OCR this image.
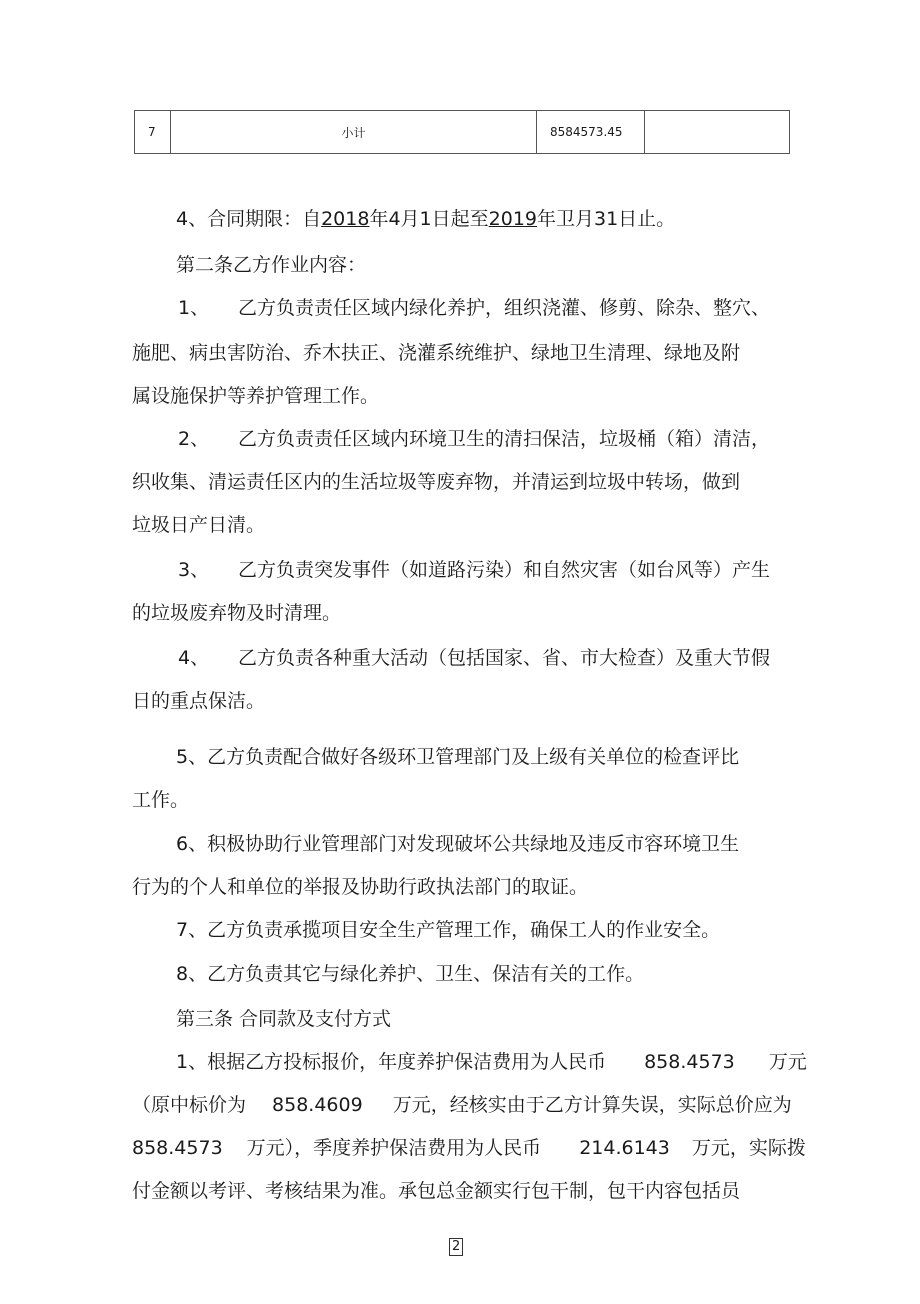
7	小计	8584573.45
4、合同期限：自2018年4月1日起至2019年卫月31日止。
第二条乙方作业内容：
1、 乙方负责责任区域内绿化养护，组织浇灌、修剪、除杂、整穴、
施肥、病虫害防治、乔木扶正、浇灌系统维护、绿地卫生清理、绿地及附
属设施保护等养护管理工作。
2、 乙方负责责任区域内环境卫生的清扫保洁，垃圾桶（箱）清洁，
织收集、清运责任区内的生活垃圾等废弃物，并清运到垃圾中转场，做到
垃圾日产日清。
3、 乙方负责突发事件（如道路污染）和自然灾害（如台风等）产生
的垃圾废弃物及时清理。
4、 乙方负责各种重大活动（包括国家、省、市大检查）及重大节假
日的重点保洁。
5、乙方负责配合做好各级环卫管理部门及上级有关单位的检查评比
工作。
6、积极协助行业管理部门对发现破坏公共绿地及违反市容环境卫生
行为的个人和单位的举报及协助行政执法部门的取证。
7、乙方负责承揽项目安全生产管理工作，确保工人的作业安全。
8、乙方负责其它与绿化养护、卫生、保洁有关的工作。
第三条 合同款及支付方式
1、根据乙方投标报价，年度养护保洁费用为人民币 858.4573 万元
（原中标价为 858.4609 万元，经核实由于乙方计算失误，实际总价应为
858.4573 万元），季度养护保洁费用为人民币 214.6143 万元，实际拨
付金额以考评、考核结果为准。承包总金额实行包干制，包干内容包括员
2
